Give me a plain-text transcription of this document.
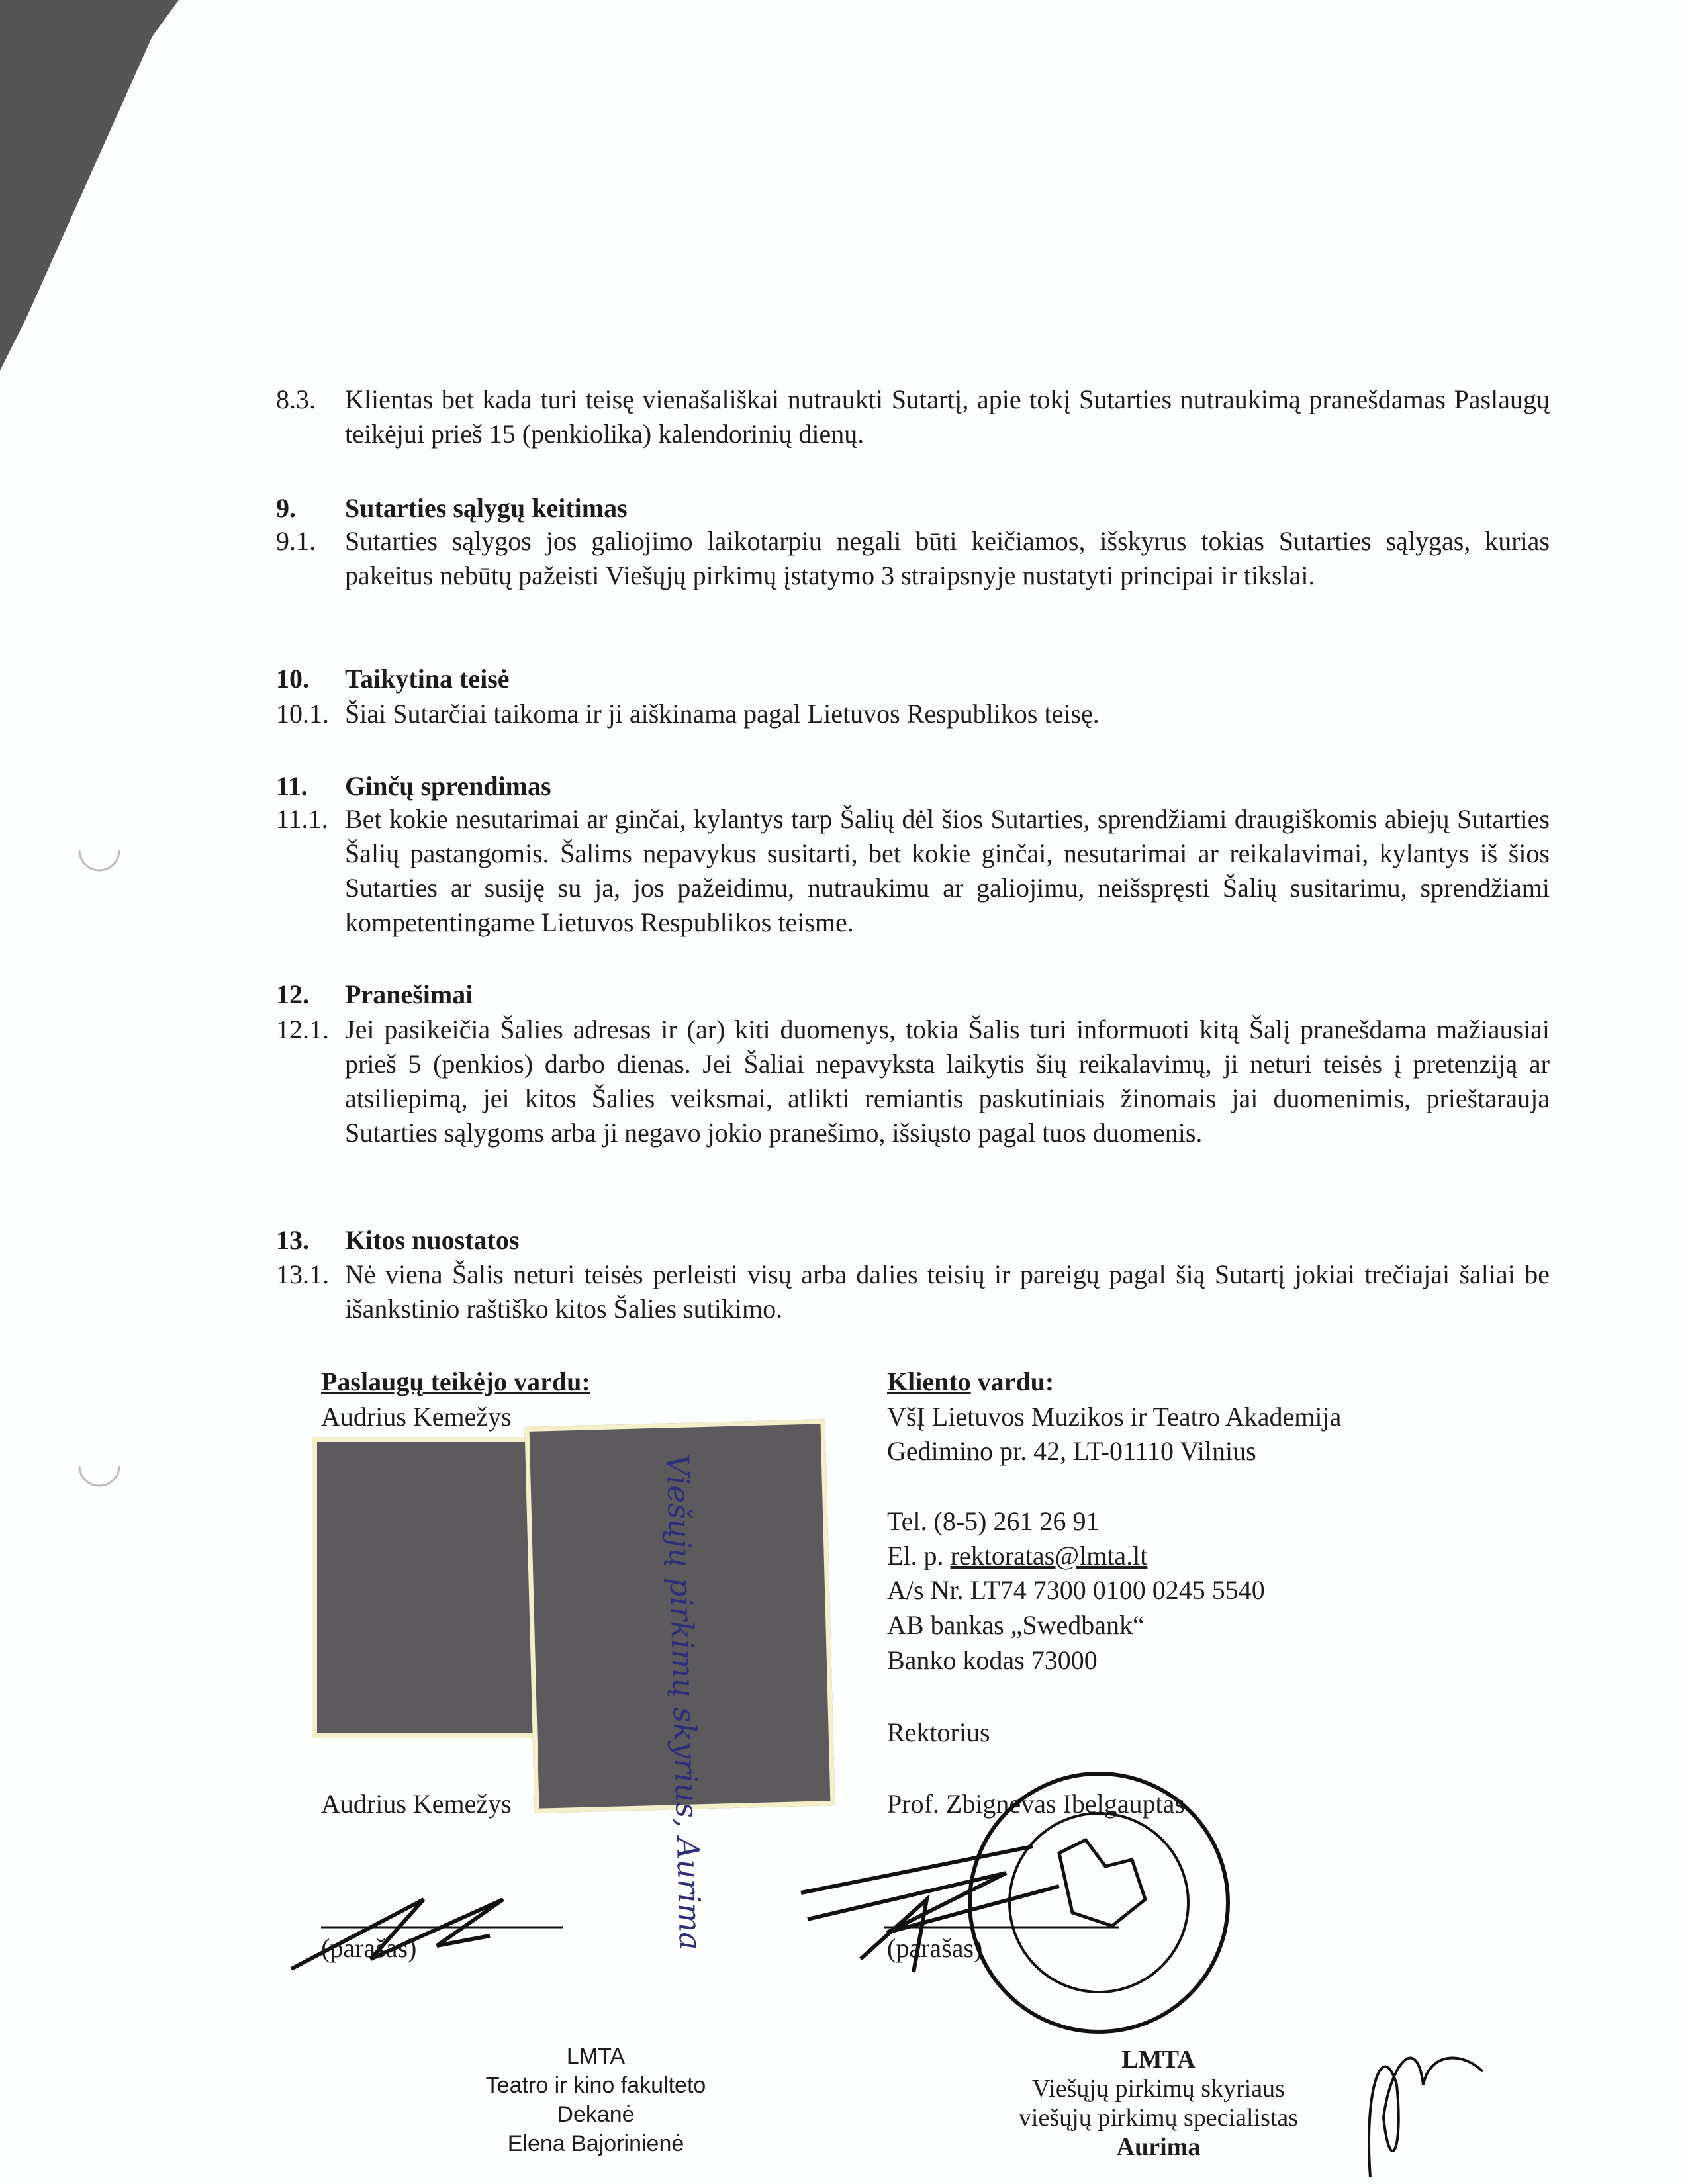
8.3. Klientas bet kada turi teisę vienašališkai nutraukti Sutartį, apie tokį Sutarties nutraukimą pranešdamas Paslaugų teikėjui prieš 15 (penkiolika) kalendorinių dienų.
9. Sutarties sąlygų keitimas
9.1. Sutarties sąlygos jos galiojimo laikotarpiu negali būti keičiamos, išskyrus tokias Sutarties sąlygas, kurias pakeitus nebūtų pažeisti Viešųjų pirkimų įstatymo 3 straipsnyje nustatyti principai ir tikslai.
10. Taikytina teisė
10.1. Šiai Sutarčiai taikoma ir ji aiškinama pagal Lietuvos Respublikos teisę.
11. Ginčų sprendimas
11.1. Bet kokie nesutarimai ar ginčai, kylantys tarp Šalių dėl šios Sutarties, sprendžiami draugiškomis abiejų Sutarties Šalių pastangomis. Šalims nepavykus susitarti, bet kokie ginčai, nesutarimai ar reikalavimai, kylantys iš šios Sutarties ar susiję su ja, jos pažeidimu, nutraukimu ar galiojimu, neišspręsti Šalių susitarimu, sprendžiami kompetentingame Lietuvos Respublikos teisme.
12. Pranešimai
12.1. Jei pasikeičia Šalies adresas ir (ar) kiti duomenys, tokia Šalis turi informuoti kitą Šalį pranešdama mažiausiai prieš 5 (penkios) darbo dienas. Jei Šaliai nepavyksta laikytis šių reikalavimų, ji neturi teisės į pretenziją ar atsiliepimą, jei kitos Šalies veiksmai, atlikti remiantis paskutiniais žinomais jai duomenimis, prieštarauja Sutarties sąlygoms arba ji negavo jokio pranešimo, išsiųsto pagal tuos duomenis.
13. Kitos nuostatos
13.1. Nė viena Šalis neturi teisės perleisti visų arba dalies teisių ir pareigų pagal šią Sutartį jokiai trečiajai šaliai be išankstinio raštiško kitos Šalies sutikimo.
Paslaugų teikėjo vardu:
Audrius Kemežys
Viešųjų pirkimų skyrius, Aurima
Audrius Kemežys
(parašas)
Kliento vardu:
VšĮ Lietuvos Muzikos ir Teatro Akademija
Gedimino pr. 42, LT-01110 Vilnius
Tel. (8-5) 261 26 91
El. p. rektoratas@lmta.lt
A/s Nr. LT74 7300 0100 0245 5540
AB bankas „Swedbank“
Banko kodas 73000
Rektorius
Prof. Zbignevas Ibelgauptas
(parašas)
LMTA
Teatro ir kino fakulteto
Dekanė
Elena Bajorinienė
LMTA
Viešųjų pirkimų skyriaus
viešųjų pirkimų specialistas
Aurima
